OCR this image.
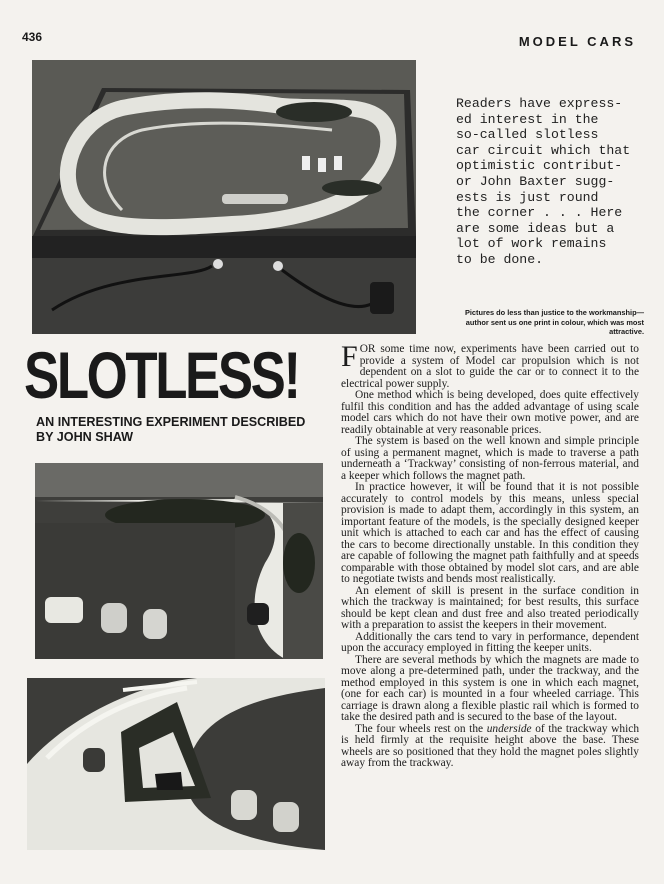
436	MODEL CARS
Readers have express-
ed interest in the
so-called slotless
car circuit which that
optimistic contribut-
or John Baxter sugg-
ests is just round
the corner . . . Here
are some ideas but a
lot of work remains
to be done.
Pictures do less than justice to the workmanship—author sent us one print in colour, which was most attractive.
SLOTLESS!
AN INTERESTING EXPERIMENT DESCRIBED BY JOHN SHAW

FOR some time now, experiments have been carried out to provide a system of Model car propulsion which is not dependent on a slot to guide the car or to connect it to the electrical power supply.

One method which is being developed, does quite effectively fulfil this condition and has the added advantage of using scale model cars which do not have their own motive power, and are readily obtainable at very reasonable prices.

The system is based on the well known and simple principle of using a permanent magnet, which is made to traverse a path underneath a ‘Trackway’ consisting of non-ferrous material, and a keeper which follows the magnet path.

In practice however, it will be found that it is not possible accurately to control models by this means, unless special provision is made to adapt them, accordingly in this system, an important feature of the models, is the specially designed keeper unit which is attached to each car and has the effect of causing the cars to become directionally unstable. In this condition they are capable of following the magnet path faithfully and at speeds comparable with those obtained by model slot cars, and are able to negotiate twists and bends most realistically.

An element of skill is present in the surface condition in which the trackway is maintained; for best results, this surface should be kept clean and dust free and also treated periodically with a preparation to assist the keepers in their movement.

Additionally the cars tend to vary in performance, dependent upon the accuracy employed in fitting the keeper units.

There are several methods by which the magnets are made to move along a pre-determined path, under the trackway, and the method employed in this system is one in which each magnet, (one for each car) is mounted in a four wheeled carriage. This carriage is drawn along a flexible plastic rail which is formed to take the desired path and is secured to the base of the layout.

The four wheels rest on the underside of the trackway which is held firmly at the requisite height above the base. These wheels are so positioned that they hold the magnet poles slightly away from the trackway.
